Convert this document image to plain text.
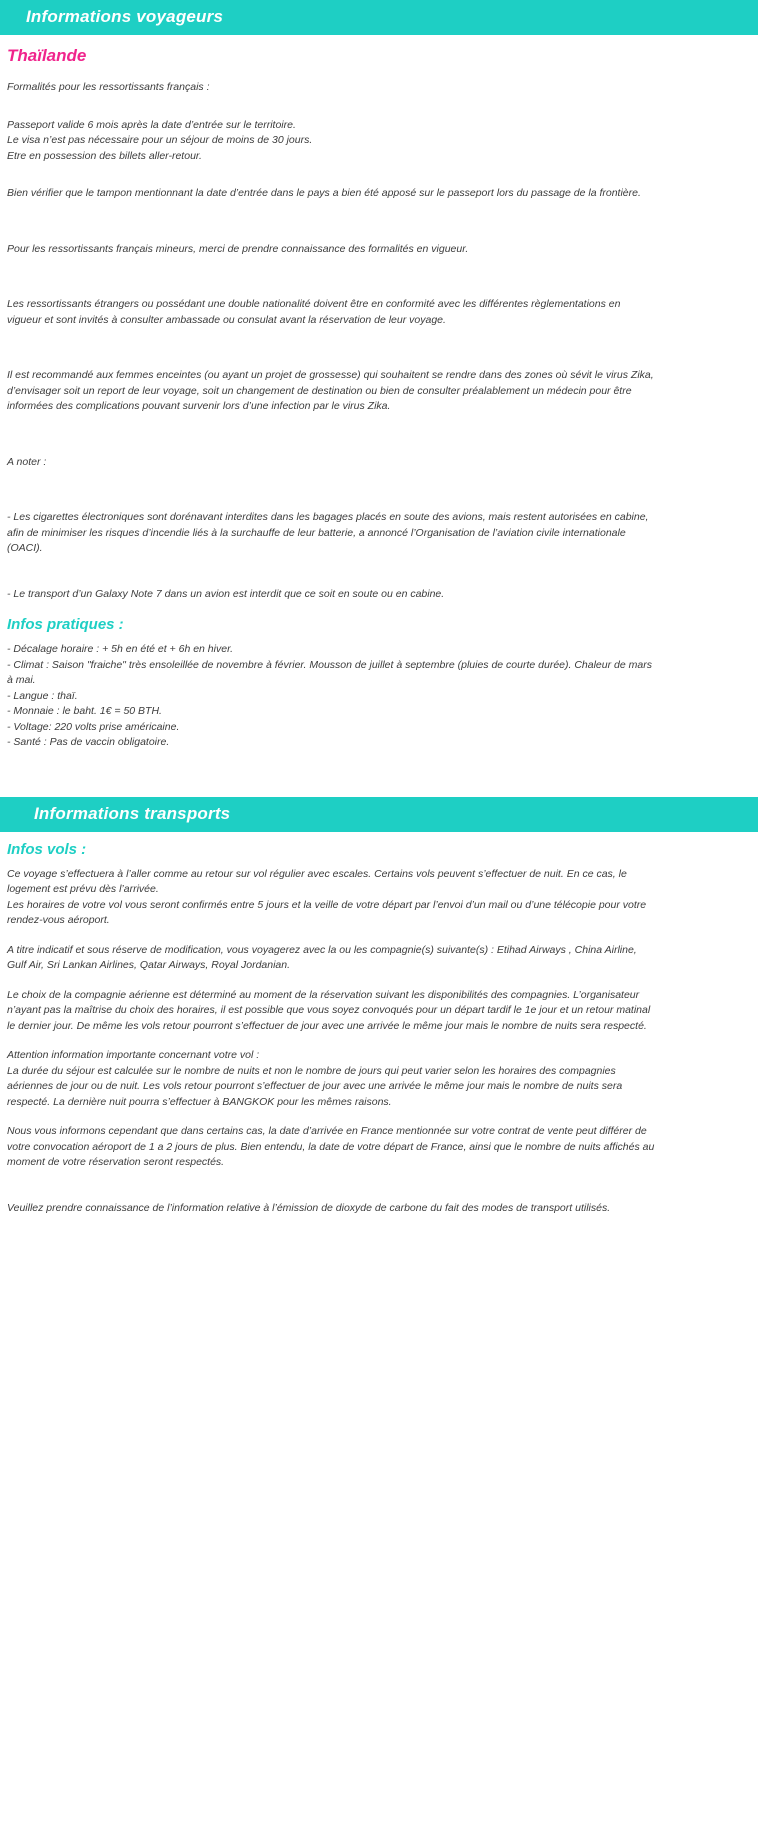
Informations voyageurs
Thaïlande

Formalités pour les ressortissants français :

Passeport valide 6 mois après la date d’entrée sur le territoire.

Le visa n’est pas nécessaire pour un séjour de moins de 30 jours.

Etre en possession des billets aller-retour.

Bien vérifier que le tampon mentionnant la date d’entrée dans le pays a bien été apposé sur le passeport lors du passage de la frontière.

Pour les ressortissants français mineurs, merci de prendre connaissance des formalités en vigueur.

Les ressortissants étrangers ou possédant une double nationalité doivent être en conformité avec les différentes règlementations en vigueur et sont invités à consulter ambassade ou consulat avant la réservation de leur voyage.

Il est recommandé aux femmes enceintes (ou ayant un projet de grossesse) qui souhaitent se rendre dans des zones où sévit le virus Zika, d’envisager soit un report de leur voyage, soit un changement de destination ou bien de consulter préalablement un médecin pour être informées des complications pouvant survenir lors d’une infection par le virus Zika.

A noter :

- Les cigarettes électroniques sont dorénavant interdites dans les bagages placés en soute des avions, mais restent autorisées en cabine, afin de minimiser les risques d’incendie liés à la surchauffe de leur batterie, a annoncé l’Organisation de l’aviation civile internationale (OACI).

- Le transport d’un Galaxy Note 7 dans un avion est interdit que ce soit en soute ou en cabine.

Infos pratiques :

- Décalage horaire : + 5h en été et + 6h en hiver.

- Climat : Saison "fraiche" très ensoleillée de novembre à février. Mousson de juillet à septembre (pluies de courte durée). Chaleur de mars à mai.

- Langue : thaï.

- Monnaie : le baht. 1€ = 50 BTH.

- Voltage: 220 volts prise américaine.

- Santé : Pas de vaccin obligatoire.

Informations transports
Infos vols :

Ce voyage s’effectuera à l’aller comme au retour sur vol régulier avec escales. Certains vols peuvent s’effectuer de nuit. En ce cas, le logement est prévu dès l’arrivée.

Les horaires de votre vol vous seront confirmés entre 5 jours et la veille de votre départ par l’envoi d’un mail ou d’une télécopie pour votre rendez-vous aéroport.

A titre indicatif et sous réserve de modification, vous voyagerez avec la ou les compagnie(s) suivante(s) : Etihad Airways , China Airline, Gulf Air, Sri Lankan Airlines, Qatar Airways, Royal Jordanian.

Le choix de la compagnie aérienne est déterminé au moment de la réservation suivant les disponibilités des compagnies. L’organisateur n’ayant pas la maîtrise du choix des horaires, il est possible que vous soyez convoqués pour un départ tardif le 1e jour et un retour matinal le dernier jour. De même les vols retour pourront s’effectuer de jour avec une arrivée le même jour mais le nombre de nuits sera respecté.

Attention information importante concernant votre vol :

La durée du séjour est calculée sur le nombre de nuits et non le nombre de jours qui peut varier selon les horaires des compagnies aériennes de jour ou de nuit. Les vols retour pourront s’effectuer de jour avec une arrivée le même jour mais le nombre de nuits sera respecté. La dernière nuit pourra s’effectuer à BANGKOK pour les mêmes raisons.

Nous vous informons cependant que dans certains cas, la date d’arrivée en France mentionnée sur votre contrat de vente peut différer de votre convocation aéroport de 1 a 2 jours de plus. Bien entendu, la date de votre départ de France, ainsi que le nombre de nuits affichés au moment de votre réservation seront respectés.

Veuillez prendre connaissance de l’information relative à l’émission de dioxyde de carbone du fait des modes de transport utilisés.
